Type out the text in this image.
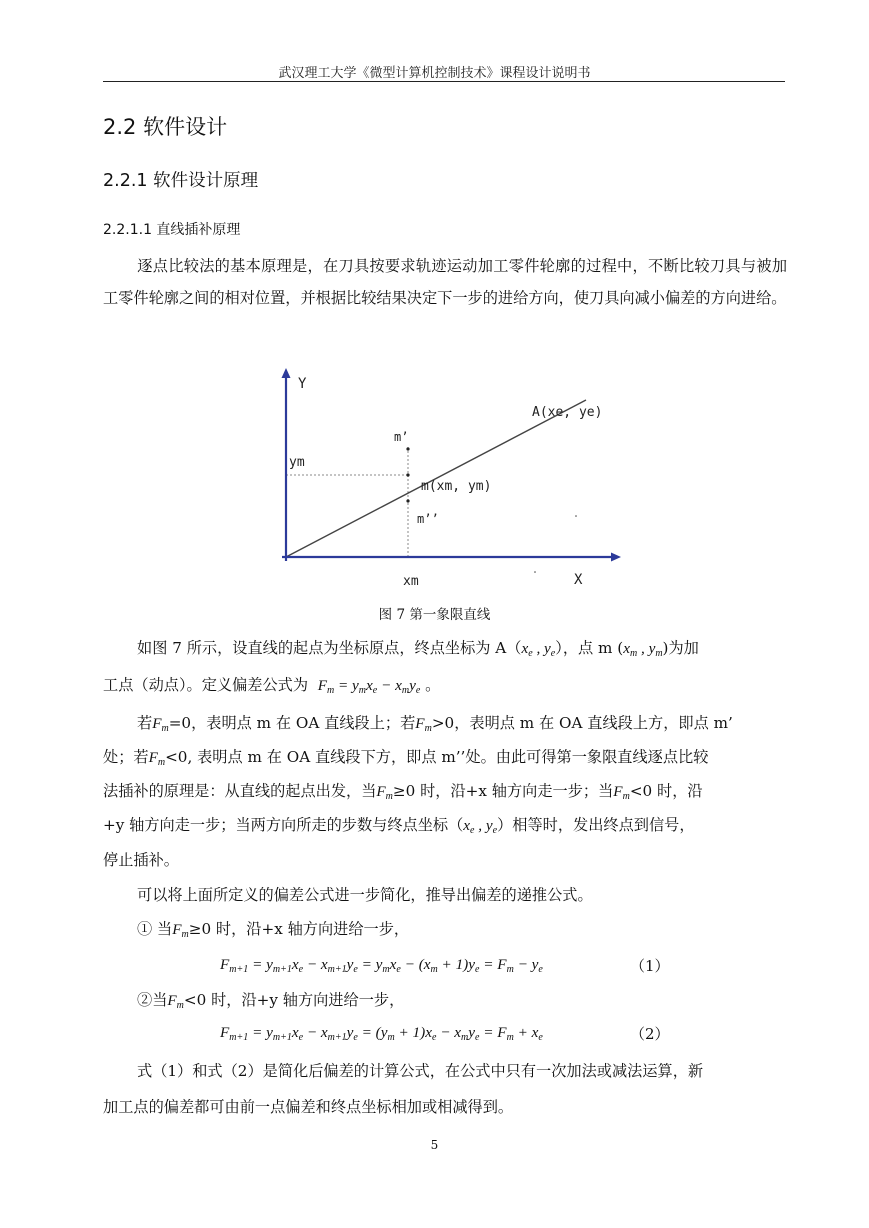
武汉理工大学《微型计算机控制技术》课程设计说明书
2.2 软件设计
2.2.1 软件设计原理
2.2.1.1 直线插补原理
逐点比较法的基本原理是，在刀具按要求轨迹运动加工零件轮廓的过程中，不断比较刀具与被加工零件轮廓之间的相对位置，并根据比较结果决定下一步的进给方向，使刀具向减小偏差的方向进给。
Y
X
A(xe, ye)
m(xm, ym)
m’
m’’
ym
xm
图 7 第一象限直线
如图 7 所示，设直线的起点为坐标原点，终点坐标为 A（xe , ye），点 m (xm , ym)为加
工点（动点）。定义偏差公式为 Fm = ymxe − xmye 。
若Fm=0，表明点 m 在 OA 直线段上；若Fm>0，表明点 m 在 OA 直线段上方，即点 m’
处；若Fm<0, 表明点 m 在 OA 直线段下方，即点 m’’处。由此可得第一象限直线逐点比较
法插补的原理是：从直线的起点出发，当Fm≥0 时，沿+x 轴方向走一步；当Fm<0 时，沿
+y 轴方向走一步；当两方向所走的步数与终点坐标（xe , ye）相等时，发出终点到信号，
停止插补。
可以将上面所定义的偏差公式进一步简化，推导出偏差的递推公式。
① 当Fm≥0 时，沿+x 轴方向进给一步，
Fm+1 = ym+1xe − xm+1ye = ymxe − (xm + 1)ye = Fm − ye	（1）
②当Fm<0 时，沿+y 轴方向进给一步，
Fm+1 = ym+1xe − xm+1ye = (ym + 1)xe − xmye = Fm + xe	（2）
式（1）和式（2）是简化后偏差的计算公式，在公式中只有一次加法或减法运算，新
加工点的偏差都可由前一点偏差和终点坐标相加或相减得到。
5
